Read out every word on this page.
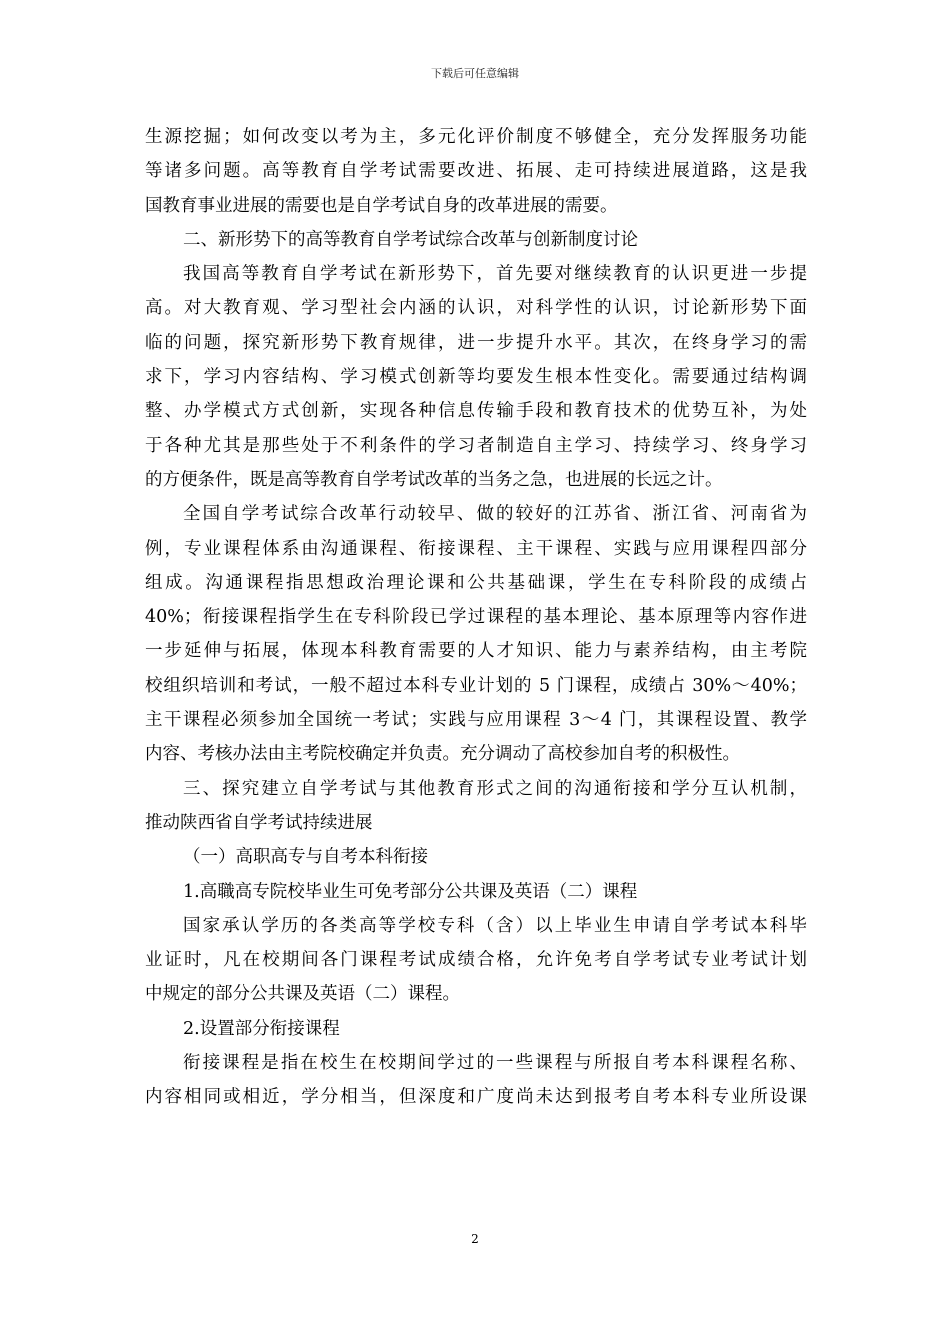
下载后可任意编辑
生源挖掘；如何改变以考为主，多元化评价制度不够健全，充分发挥服务功能
等诸多问题。高等教育自学考试需要改进、拓展、走可持续进展道路，这是我
国教育事业进展的需要也是自学考试自身的改革进展的需要。
二、新形势下的高等教育自学考试综合改革与创新制度讨论
我国高等教育自学考试在新形势下，首先要对继续教育的认识更进一步提
高。对大教育观、学习型社会内涵的认识，对科学性的认识，讨论新形势下面
临的问题，探究新形势下教育规律，进一步提升水平。其次，在终身学习的需
求下，学习内容结构、学习模式创新等均要发生根本性变化。需要通过结构调
整、办学模式方式创新，实现各种信息传输手段和教育技术的优势互补，为处
于各种尤其是那些处于不利条件的学习者制造自主学习、持续学习、终身学习
的方便条件，既是高等教育自学考试改革的当务之急，也进展的长远之计。
全国自学考试综合改革行动较早、做的较好的江苏省、浙江省、河南省为
例，专业课程体系由沟通课程、衔接课程、主干课程、实践与应用课程四部分
组成。沟通课程指思想政治理论课和公共基础课，学生在专科阶段的成绩占
40%；衔接课程指学生在专科阶段已学过课程的基本理论、基本原理等内容作进
一步延伸与拓展，体现本科教育需要的人才知识、能力与素养结构，由主考院
校组织培训和考试，一般不超过本科专业计划的 5 门课程，成绩占 30%～40%；
主干课程必须参加全国统一考试；实践与应用课程 3～4 门，其课程设置、教学
内容、考核办法由主考院校确定并负责。充分调动了高校参加自考的积极性。
三、探究建立自学考试与其他教育形式之间的沟通衔接和学分互认机制，
推动陕西省自学考试持续进展
（一）高职高专与自考本科衔接
1.高職高专院校毕业生可免考部分公共课及英语（二）课程
国家承认学历的各类高等学校专科（含）以上毕业生申请自学考试本科毕
业证时，凡在校期间各门课程考试成绩合格，允许免考自学考试专业考试计划
中规定的部分公共课及英语（二）课程。
2.设置部分衔接课程
衔接课程是指在校生在校期间学过的一些课程与所报自考本科课程名称、
内容相同或相近，学分相当，但深度和广度尚未达到报考自考本科专业所设课
2
